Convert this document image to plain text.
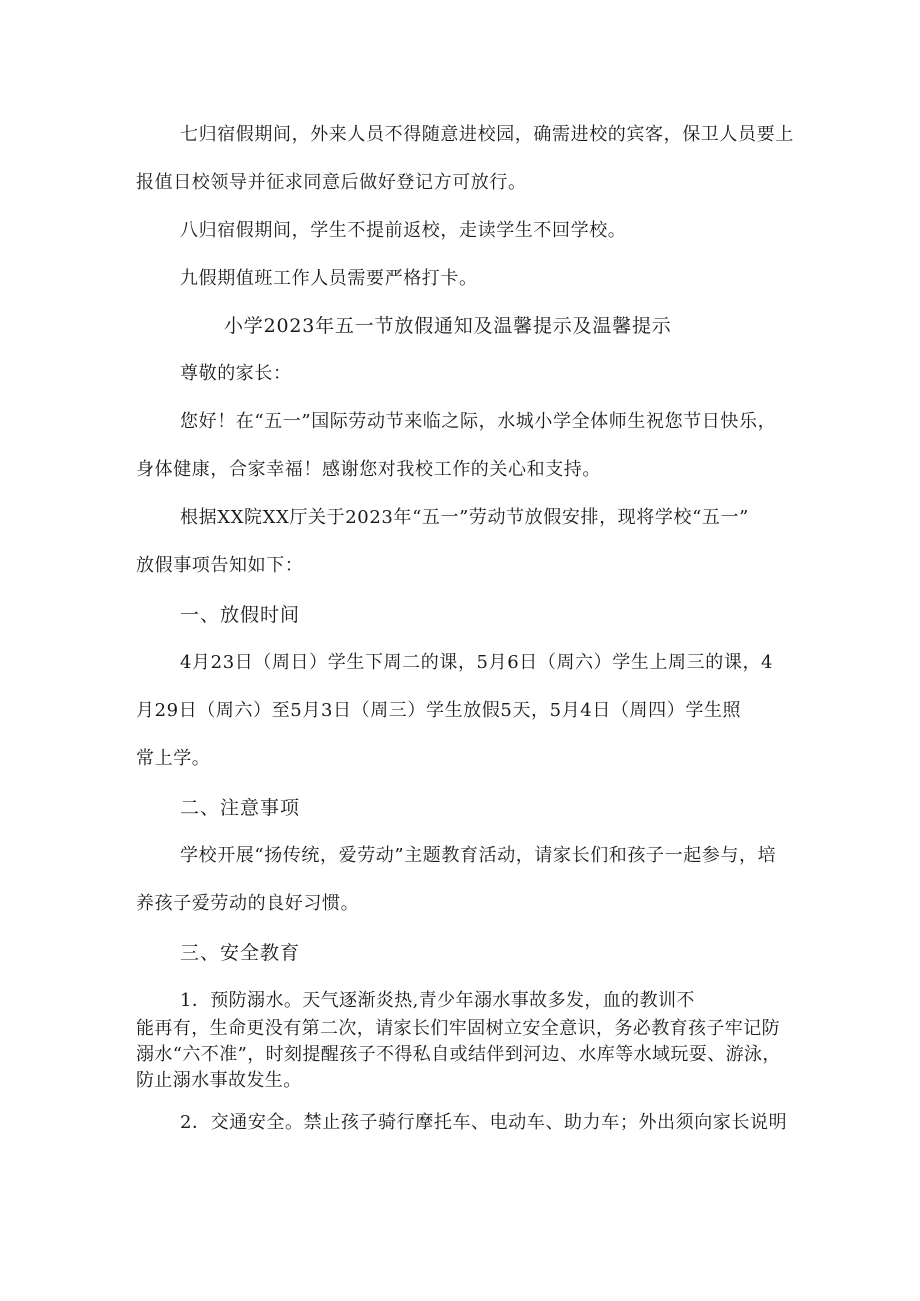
七归宿假期间，外来人员不得随意进校园，确需进校的宾客，保卫人员要上
报值日校领导并征求同意后做好登记方可放行。
八归宿假期间，学生不提前返校，走读学生不回学校。
九假期值班工作人员需要严格打卡。
小学2023年五一节放假通知及温馨提示及温馨提示
尊敬的家长：
您好！在“五一”国际劳动节来临之际，水城小学全体师生祝您节日快乐，
身体健康，合家幸福！感谢您对我校工作的关心和支持。
根据XX院XX厅关于2023年“五一”劳动节放假安排，现将学校“五一”
放假事项告知如下：
一、放假时间
4月23日（周日）学生下周二的课，5月6日（周六）学生上周三的课，4
月29日（周六）至5月3日（周三）学生放假5天，5月4日（周四）学生照
常上学。
二、注意事项
学校开展“扬传统，爱劳动”主题教育活动，请家长们和孩子一起参与，培
养孩子爱劳动的良好习惯。
三、安全教育
1．预防溺水。天气逐渐炎热,青少年溺水事故多发，血的教训不
能再有，生命更没有第二次，请家长们牢固树立安全意识，务必教育孩子牢记防
溺水“六不准”，时刻提醒孩子不得私自或结伴到河边、水库等水域玩耍、游泳，
防止溺水事故发生。
2．交通安全。禁止孩子骑行摩托车、电动车、助力车；外出须向家长说明
